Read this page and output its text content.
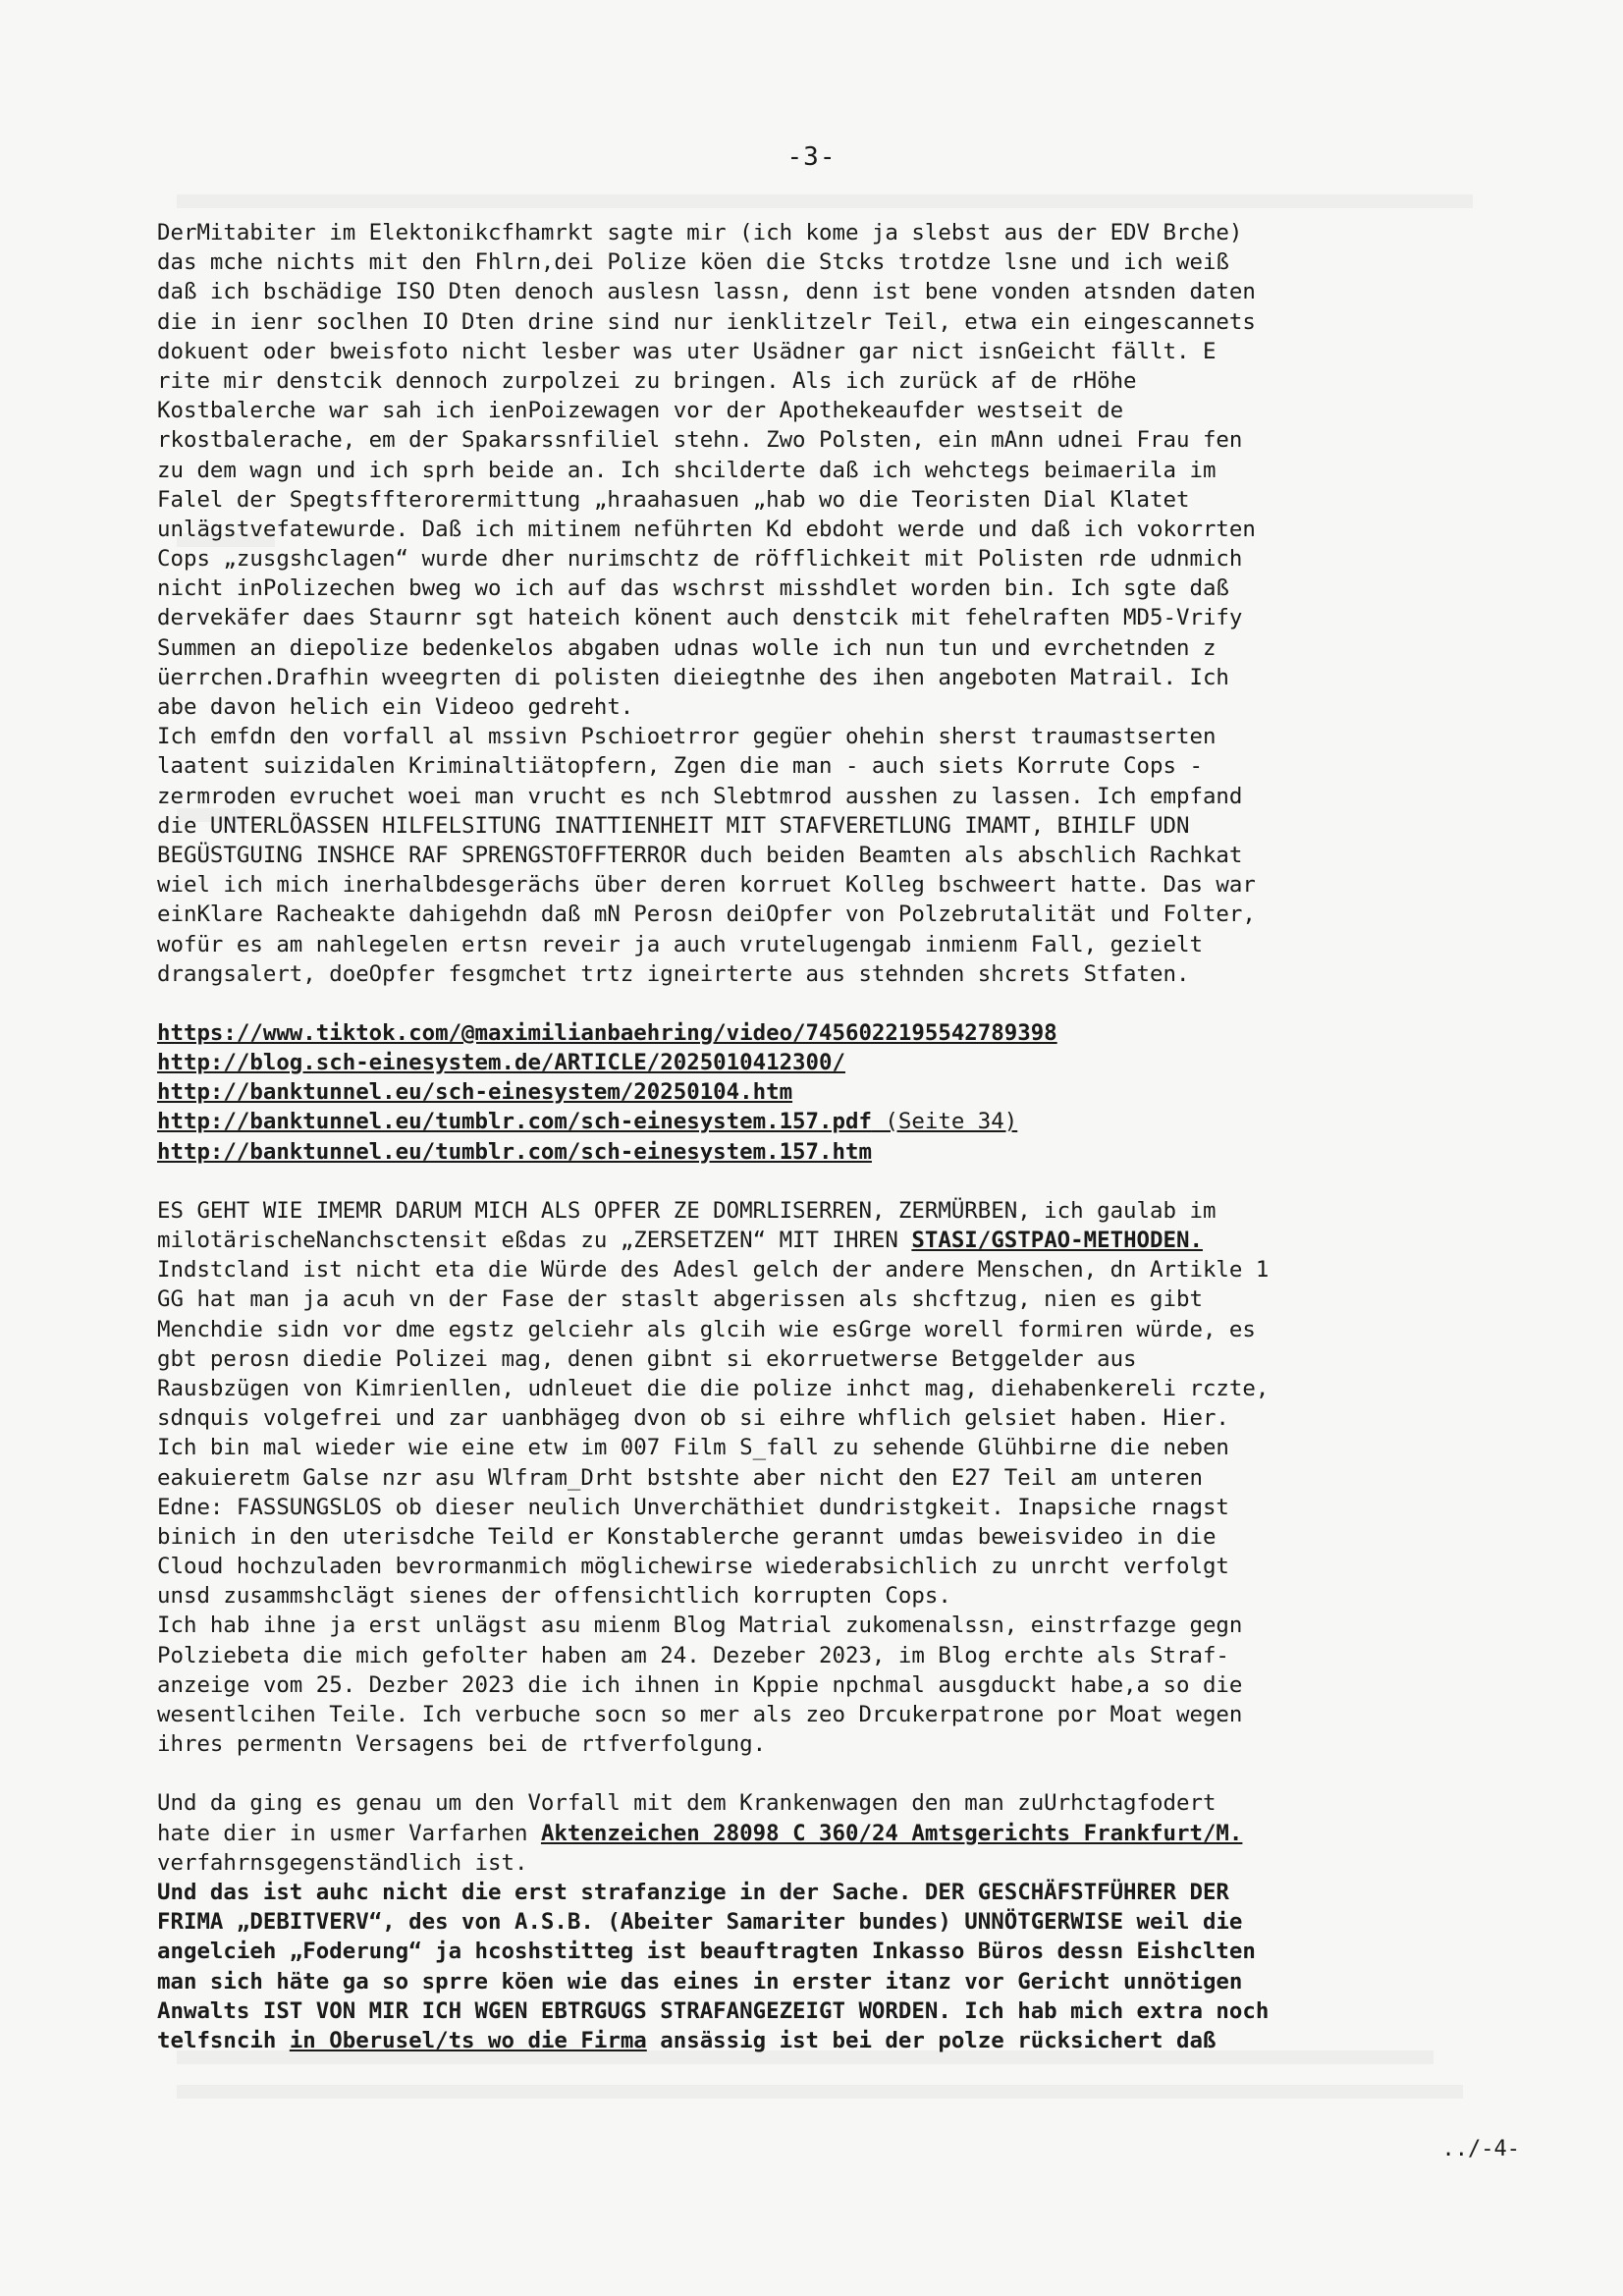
-3-
DerMitabiter im Elektonikcfhamrkt sagte mir (ich kome ja slebst aus der EDV Brche)
das mche nichts mit den Fhlrn,dei Polize köen die Stcks trotdze lsne und ich weiß
daß ich bschädige ISO Dten denoch auslesn lassn, denn ist bene vonden atsnden daten
die in ienr soclhen IO Dten drine sind nur ienklitzelr Teil, etwa ein eingescannets
dokuent oder bweisfoto nicht lesber was uter Usädner gar nict isnGeicht fällt. E
rite mir denstcik dennoch zurpolzei zu bringen. Als ich zurück af de rHöhe
Kostbalerche war sah ich ienPoizewagen vor der Apothekeaufder westseit de
rkostbalerache, em der Spakarssnfiliel stehn. Zwo Polsten, ein mAnn udnei Frau fen
zu dem wagn und ich sprh beide an. Ich shcilderte daß ich wehctegs beimaerila im
Falel der Spegtsffterorermittung „hraahasuen „hab wo die Teoristen Dial Klatet
unlägstvefatewurde. Daß ich mitinem neführten Kd ebdoht werde und daß ich vokorrten
Cops „zusgshclagen“ wurde dher nurimschtz de röfflichkeit mit Polisten rde udnmich
nicht inPolizechen bweg wo ich auf das wschrst misshdlet worden bin. Ich sgte daß
dervekäfer daes Staurnr sgt hateich könent auch denstcik mit fehelraften MD5-Vrify
Summen an diepolize bedenkelos abgaben udnas wolle ich nun tun und evrchetnden z
üerrchen.Drafhin wveegrten di polisten dieiegtnhe des ihen angeboten Matrail. Ich
abe davon helich ein Videoo gedreht.
Ich emfdn den vorfall al mssivn Pschioetrror gegüer ohehin sherst traumastserten
laatent suizidalen Kriminaltiätopfern, Zgen die man - auch siets Korrute Cops -
zermroden evruchet woei man vrucht es nch Slebtmrod ausshen zu lassen. Ich empfand
die UNTERLÖASSEN HILFELSITUNG INATTIENHEIT MIT STAFVERETLUNG IMAMT, BIHILF UDN
BEGÜSTGUING INSHCE RAF SPRENGSTOFFTERROR duch beiden Beamten als abschlich Rachkat
wiel ich mich inerhalbdesgerächs über deren korruet Kolleg bschweert hatte. Das war
einKlare Racheakte dahigehdn daß mN Perosn deiOpfer von Polzebrutalität und Folter,
wofür es am nahlegelen ertsn reveir ja auch vrutelugengab inmienm Fall, gezielt
drangsalert, doeOpfer fesgmchet trtz igneirterte aus stehnden shcrets Stfaten.
https://www.tiktok.com/@maximilianbaehring/video/7456022195542789398
http://blog.sch-einesystem.de/ARTICLE/2025010412300/
http://banktunnel.eu/sch-einesystem/20250104.htm
http://banktunnel.eu/tumblr.com/sch-einesystem.157.pdf (Seite 34)
http://banktunnel.eu/tumblr.com/sch-einesystem.157.htm
ES GEHT WIE IMEMR DARUM MICH ALS OPFER ZE DOMRLISERREN, ZERMÜRBEN, ich gaulab im
milotärischeNanchsctensit eßdas zu „ZERSETZEN“ MIT IHREN STASI/GSTPAO-METHODEN.
Indstcland ist nicht eta die Würde des Adesl gelch der andere Menschen, dn Artikle 1
GG hat man ja acuh vn der Fase der staslt abgerissen als shcftzug, nien es gibt
Menchdie sidn vor dme egstz gelciehr als glcih wie esGrge worell formiren würde, es
gbt perosn diedie Polizei mag, denen gibnt si ekorruetwerse Betggelder aus
Rausbzügen von Kimrienllen, udnleuet die die polize inhct mag, diehabenkereli rczte,
sdnquis volgefrei und zar uanbhägeg dvon ob si eihre whflich gelsiet haben. Hier.
Ich bin mal wieder wie eine etw im 007 Film S_fall zu sehende Glühbirne die neben
eakuieretm Galse nzr asu Wlfram_Drht bstshte aber nicht den E27 Teil am unteren
Edne: FASSUNGSLOS ob dieser neulich Unverchäthiet dundristgkeit. Inapsiche rnagst
binich in den uterisdche Teild er Konstablerche gerannt umdas beweisvideo in die
Cloud hochzuladen bevrormanmich möglichewirse wiederabsichlich zu unrcht verfolgt
unsd zusammshclägt sienes der offensichtlich korrupten Cops.
Ich hab ihne ja erst unlägst asu mienm Blog Matrial zukomenalssn, einstrfazge gegn
Polziebeta die mich gefolter haben am 24. Dezeber 2023, im Blog erchte als Straf-
anzeige vom 25. Dezber 2023 die ich ihnen in Kppie npchmal ausgduckt habe,a so die
wesentlcihen Teile. Ich verbuche socn so mer als zeo Drcukerpatrone por Moat wegen
ihres permentn Versagens bei de rtfverfolgung.
Und da ging es genau um den Vorfall mit dem Krankenwagen den man zuUrhctagfodert
hate dier in usmer Varfarhen Aktenzeichen 28098 C 360/24 Amtsgerichts Frankfurt/M.
verfahrnsgegenständlich ist.
Und das ist auhc nicht die erst strafanzige in der Sache. DER GESCHÄFSTFÜHRER DER
FRIMA „DEBITVERV“, des von A.S.B. (Abeiter Samariter bundes) UNNÖTGERWISE weil die
angelcieh „Foderung“ ja hcoshstitteg ist beauftragten Inkasso Büros dessn Eishclten
man sich häte ga so sprre köen wie das eines in erster itanz vor Gericht unnötigen
Anwalts IST VON MIR ICH WGEN EBTRGUGS STRAFANGEZEIGT WORDEN. Ich hab mich extra noch
telfsncih in Oberusel/ts wo die Firma ansässig ist bei der polze rücksichert daß
../-4-
